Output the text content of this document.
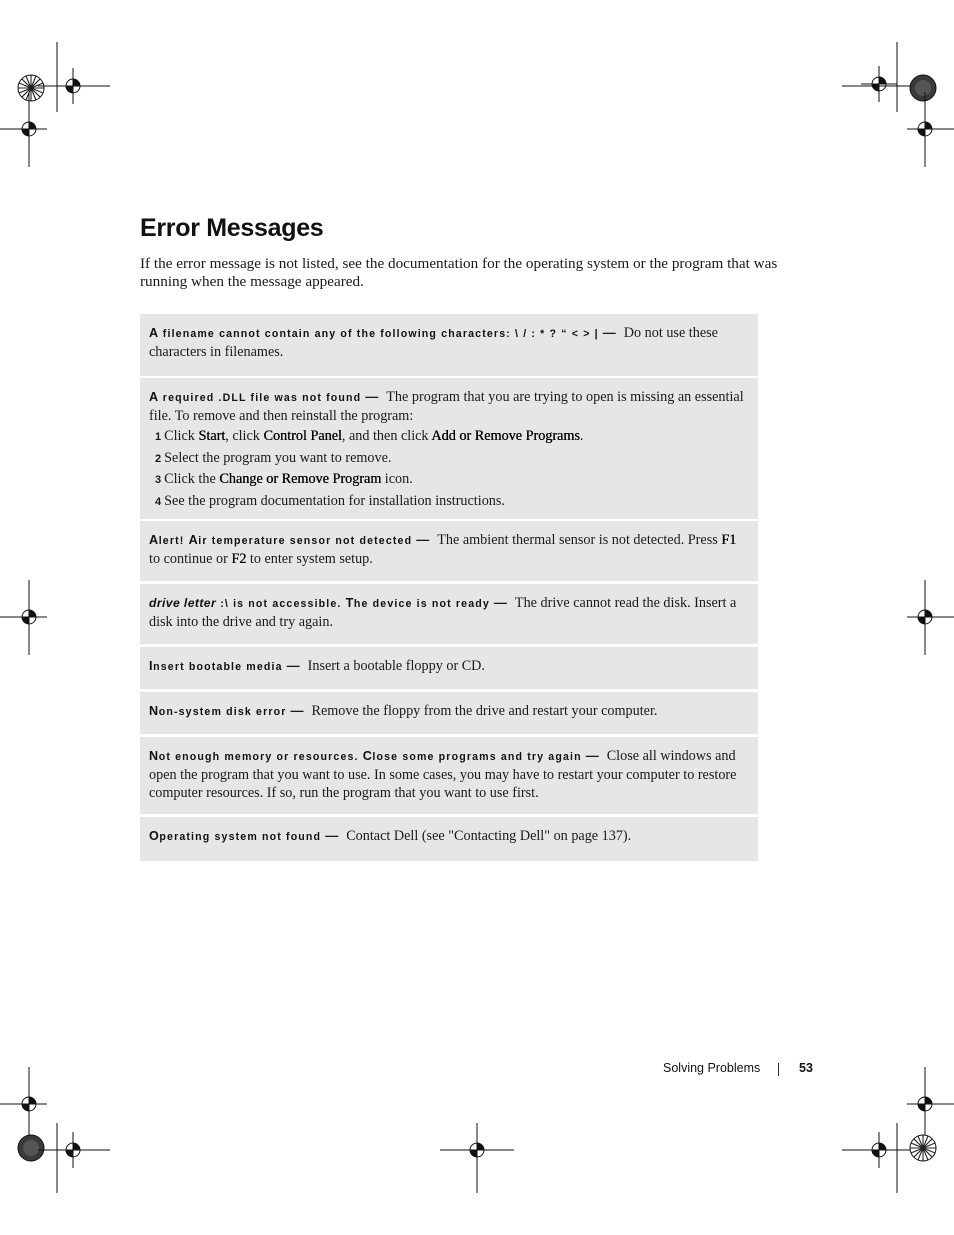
Error Messages

If the error message is not listed, see the documentation for the operating system or the program that was running when the message appeared.

A filename cannot contain any of the following characters: \ / : * ? “ < > | — Do not use these characters in filenames.
A required .DLL file was not found — The program that you are trying to open is missing an essential file. To remove and then reinstall the program:
1 Click Start, click Control Panel, and then click Add or Remove Programs.
2 Select the program you want to remove.
3 Click the Change or Remove Program icon.
4 See the program documentation for installation instructions.
Alert! Air temperature sensor not detected — The ambient thermal sensor is not detected. Press F1 to continue or F2 to enter system setup.
drive letter :\ is not accessible. The device is not ready — The drive cannot read the disk. Insert a disk into the drive and try again.
Insert bootable media — Insert a bootable floppy or CD.
Non-system disk error — Remove the floppy from the drive and restart your computer.
Not enough memory or resources. Close some programs and try again — Close all windows and open the program that you want to use. In some cases, you may have to restart your computer to restore computer resources. If so, run the program that you want to use first.
Operating system not found — Contact Dell (see "Contacting Dell" on page 137).
Solving Problems	53
